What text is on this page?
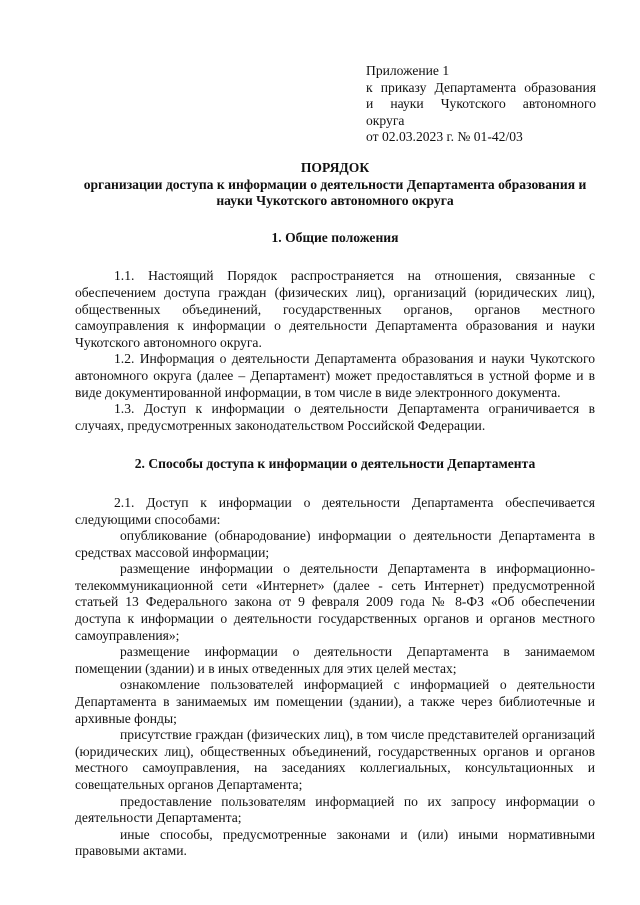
Приложение 1
к приказу Департамента образования
и науки Чукотского автономного
округа
от 02.03.2023 г. № 01-42/03
ПОРЯДОК
организации доступа к информации о деятельности Департамента образования и науки Чукотского автономного округа
1. Общие положения

1.1. Настоящий Порядок распространяется на отношения, связанные с обеспечением доступа граждан (физических лиц), организаций (юридических лиц), общественных объединений, государственных органов, органов местного самоуправления к информации о деятельности Департамента образования и науки Чукотского автономного округа.

1.2. Информация о деятельности Департамента образования и науки Чукотского автономного округа (далее – Департамент) может предоставляться в устной форме и в виде документированной информации, в том числе в виде электронного документа.

1.3. Доступ к информации о деятельности Департамента ограничивается в случаях, предусмотренных законодательством Российской Федерации.

2. Способы доступа к информации о деятельности Департамента

2.1. Доступ к информации о деятельности Департамента обеспечивается следующими способами:

опубликование (обнародование) информации о деятельности Департамента в средствах массовой информации;

размещение информации о деятельности Департамента в информационно-телекоммуникационной сети «Интернет» (далее - сеть Интернет) предусмотренной статьей 13 Федерального закона от 9 февраля 2009 года № 8-ФЗ «Об обеспечении доступа к информации о деятельности государственных органов и органов местного самоуправления»;

размещение информации о деятельности Департамента в занимаемом помещении (здании) и в иных отведенных для этих целей местах;

ознакомление пользователей информацией с информацией о деятельности Департамента в занимаемых им помещении (здании), а также через библиотечные и архивные фонды;

присутствие граждан (физических лиц), в том числе представителей организаций (юридических лиц), общественных объединений, государственных органов и органов местного самоуправления, на заседаниях коллегиальных, консультационных и совещательных органов Департамента;

предоставление пользователям информацией по их запросу информации о деятельности Департамента;

иные способы, предусмотренные законами и (или) иными нормативными правовыми актами.
